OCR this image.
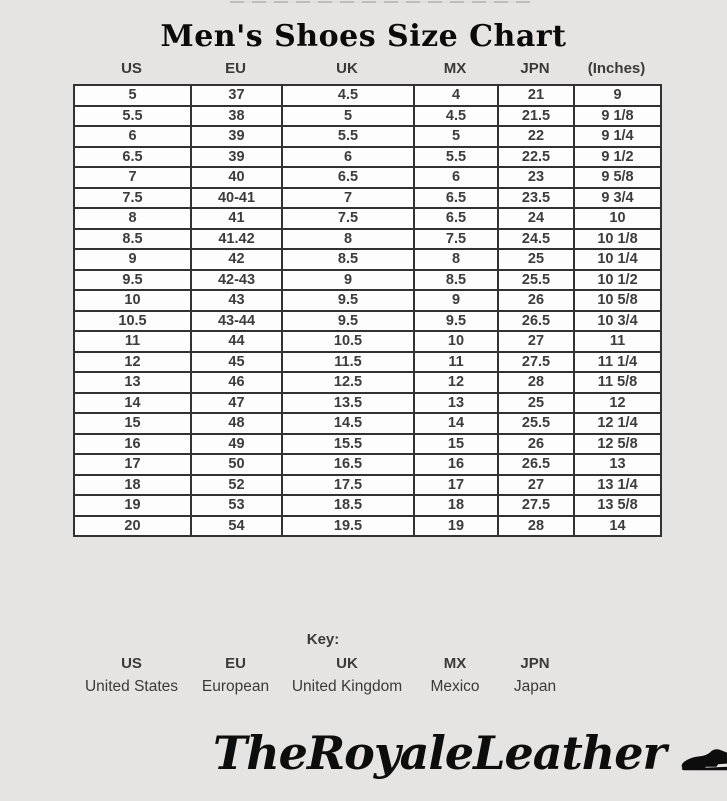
Men's Shoes Size Chart
US	EU	UK	MX	JPN	(Inches)
5	37	4.5	4	21	9
5.5	38	5	4.5	21.5	9 1/8
6	39	5.5	5	22	9 1/4
6.5	39	6	5.5	22.5	9 1/2
7	40	6.5	6	23	9 5/8
7.5	40-41	7	6.5	23.5	9 3/4
8	41	7.5	6.5	24	10
8.5	41.42	8	7.5	24.5	10 1/8
9	42	8.5	8	25	10 1/4
9.5	42-43	9	8.5	25.5	10 1/2
10	43	9.5	9	26	10 5/8
10.5	43-44	9.5	9.5	26.5	10 3/4
11	44	10.5	10	27	11
12	45	11.5	11	27.5	11 1/4
13	46	12.5	12	28	11 5/8
14	47	13.5	13	25	12
15	48	14.5	14	25.5	12 1/4
16	49	15.5	15	26	12 5/8
17	50	16.5	16	26.5	13
18	52	17.5	17	27	13 1/4
19	53	18.5	18	27.5	13 5/8
20	54	19.5	19	28	14
Key:
US	EU	UK	MX	JPN
United States	European	United Kingdom	Mexico	Japan
TheRoyaleLeather
